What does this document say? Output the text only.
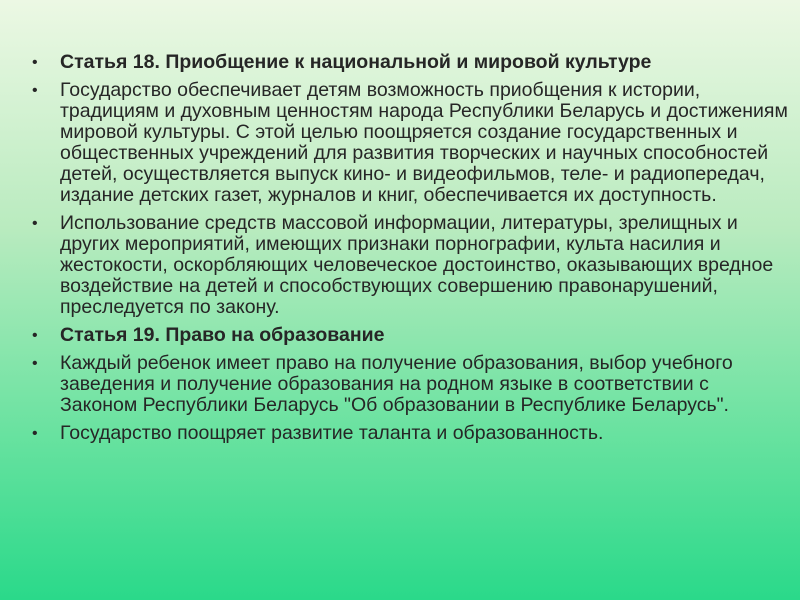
•	Статья 18. Приобщение к национальной и мировой культуре
•	Государство обеспечивает детям возможность приобщения к истории, традициям и духовным ценностям народа Республики Беларусь и достижениям мировой культуры. С этой целью поощряется создание государственных и общественных учреждений для развития творческих и научных способностей детей, осуществляется выпуск кино- и видеофильмов, теле- и радиопередач, издание детских газет, журналов и книг, обеспечивается их доступность.
•	Использование средств массовой информации, литературы, зрелищных и других мероприятий, имеющих признаки порнографии, культа насилия и жестокости, оскорбляющих человеческое достоинство, оказывающих вредное воздействие на детей и способствующих совершению правонарушений, преследуется по закону.
•	Статья 19. Право на образование
•	Каждый ребенок имеет право на получение образования, выбор учебного заведения и получение образования на родном языке в соответствии с Законом Республики Беларусь "Об образовании в Республике Беларусь".
•	Государство поощряет развитие таланта и образованность.
